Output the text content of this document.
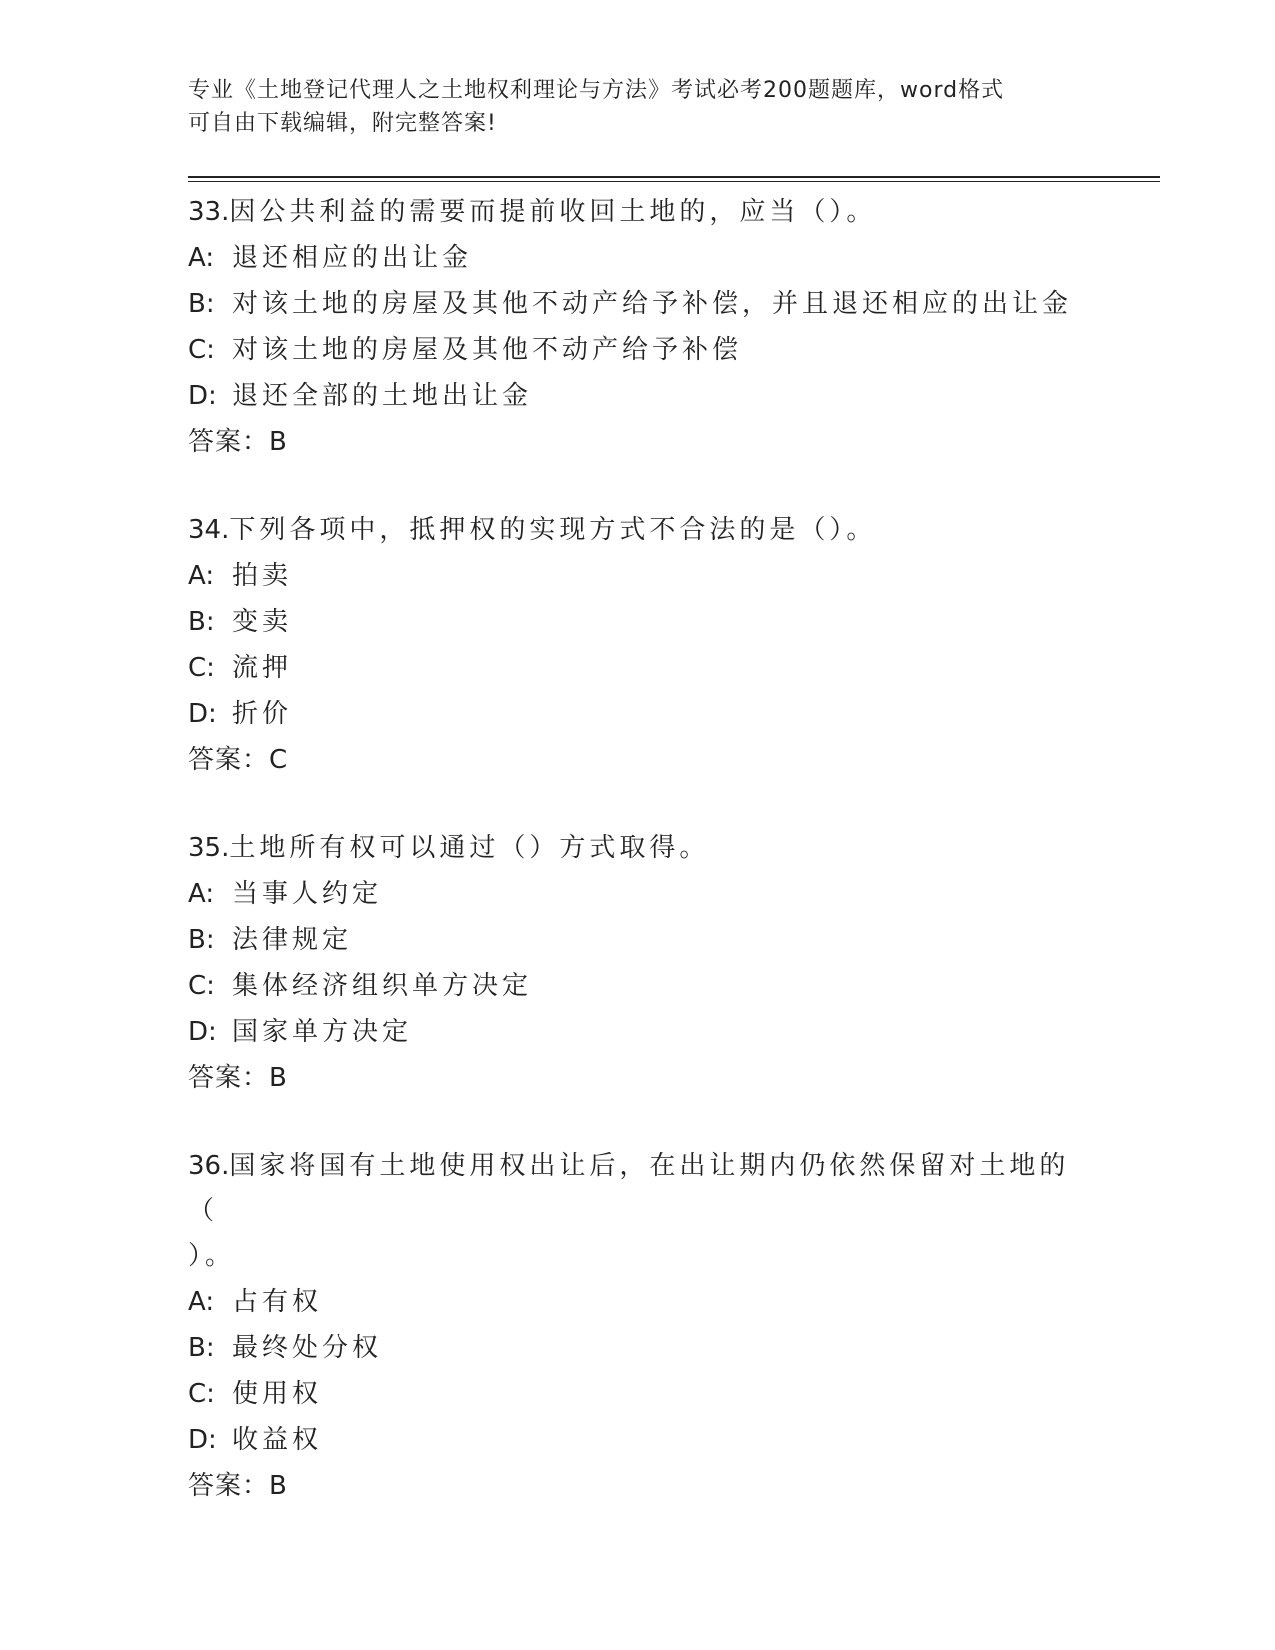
专业《土地登记代理人之土地权利理论与方法》考试必考200题题库，word格式
可自由下载编辑，附完整答案!

33.因公共利益的需要而提前收回土地的，应当（）。

A: 退还相应的出让金

B: 对该土地的房屋及其他不动产给予补偿，并且退还相应的出让金

C: 对该土地的房屋及其他不动产给予补偿

D: 退还全部的土地出让金

答案：B

34.下列各项中，抵押权的实现方式不合法的是（）。

A: 拍卖

B: 变卖

C: 流押

D: 折价

答案：C

35.土地所有权可以通过（）方式取得。

A: 当事人约定

B: 法律规定

C: 集体经济组织单方决定

D: 国家单方决定

答案：B

36.国家将国有土地使用权出让后，在出让期内仍依然保留对土地的（

）。

A: 占有权

B: 最终处分权

C: 使用权

D: 收益权

答案：B
